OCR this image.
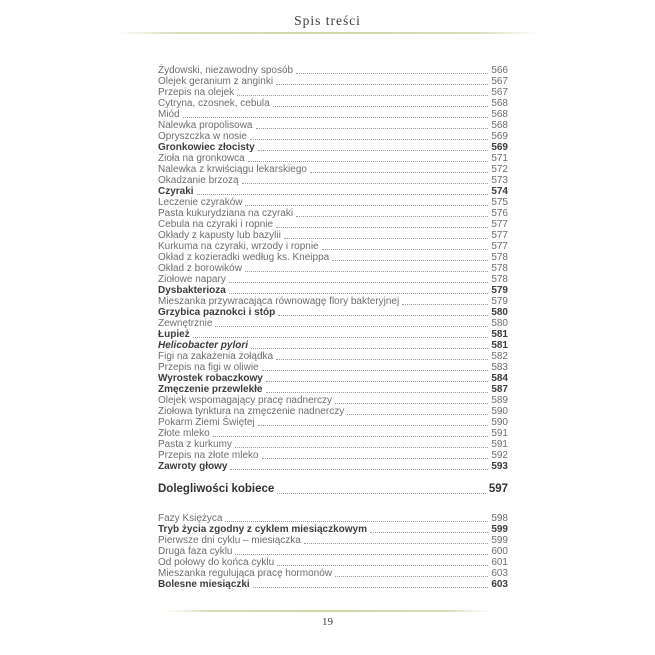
Spis treści
Żydowski, niezawodny sposób	566
Olejek geranium z anginki	567
Przepis na olejek	567
Cytryna, czosnek, cebula	568
Miód	568
Nalewka propolisowa	568
Opryszczka w nosie	569
Gronkowiec złocisty	569
Zioła na gronkowca	571
Nalewka z krwiściągu lekarskiego	572
Okadzanie brzozą	573
Czyraki	574
Leczenie czyraków	575
Pasta kukurydziana na czyraki	576
Cebula na czyraki i ropnie	577
Okłady z kapusty lub bazylii	577
Kurkuma na czyraki, wrzody i ropnie	577
Okład z kozieradki według ks. Kneippa	578
Okład z borowików	578
Ziołowe napary	578
Dysbakterioza	579
Mieszanka przywracająca równowagę flory bakteryjnej	579
Grzybica paznokci i stóp	580
Zewnętrznie	580
Łupież	581
Helicobacter pylori	581
Figi na zakażenia żołądka	582
Przepis na figi w oliwie	583
Wyrostek robaczkowy	584
Zmęczenie przewlekłe	587
Olejek wspomagający pracę nadnerczy	589
Ziołowa tynktura na zmęczenie nadnerczy	590
Pokarm Ziemi Świętej	590
Złote mleko	591
Pasta z kurkumy	591
Przepis na złote mleko	592
Zawroty głowy	593
Dolegliwości kobiece	597
Fazy Księżyca	598
Tryb życia zgodny z cyklem miesiączkowym	599
Pierwsze dni cyklu – miesiączka	599
Druga faza cyklu	600
Od połowy do końca cyklu	601
Mieszanka regulująca pracę hormonów	603
Bolesne miesiączki	603
19
